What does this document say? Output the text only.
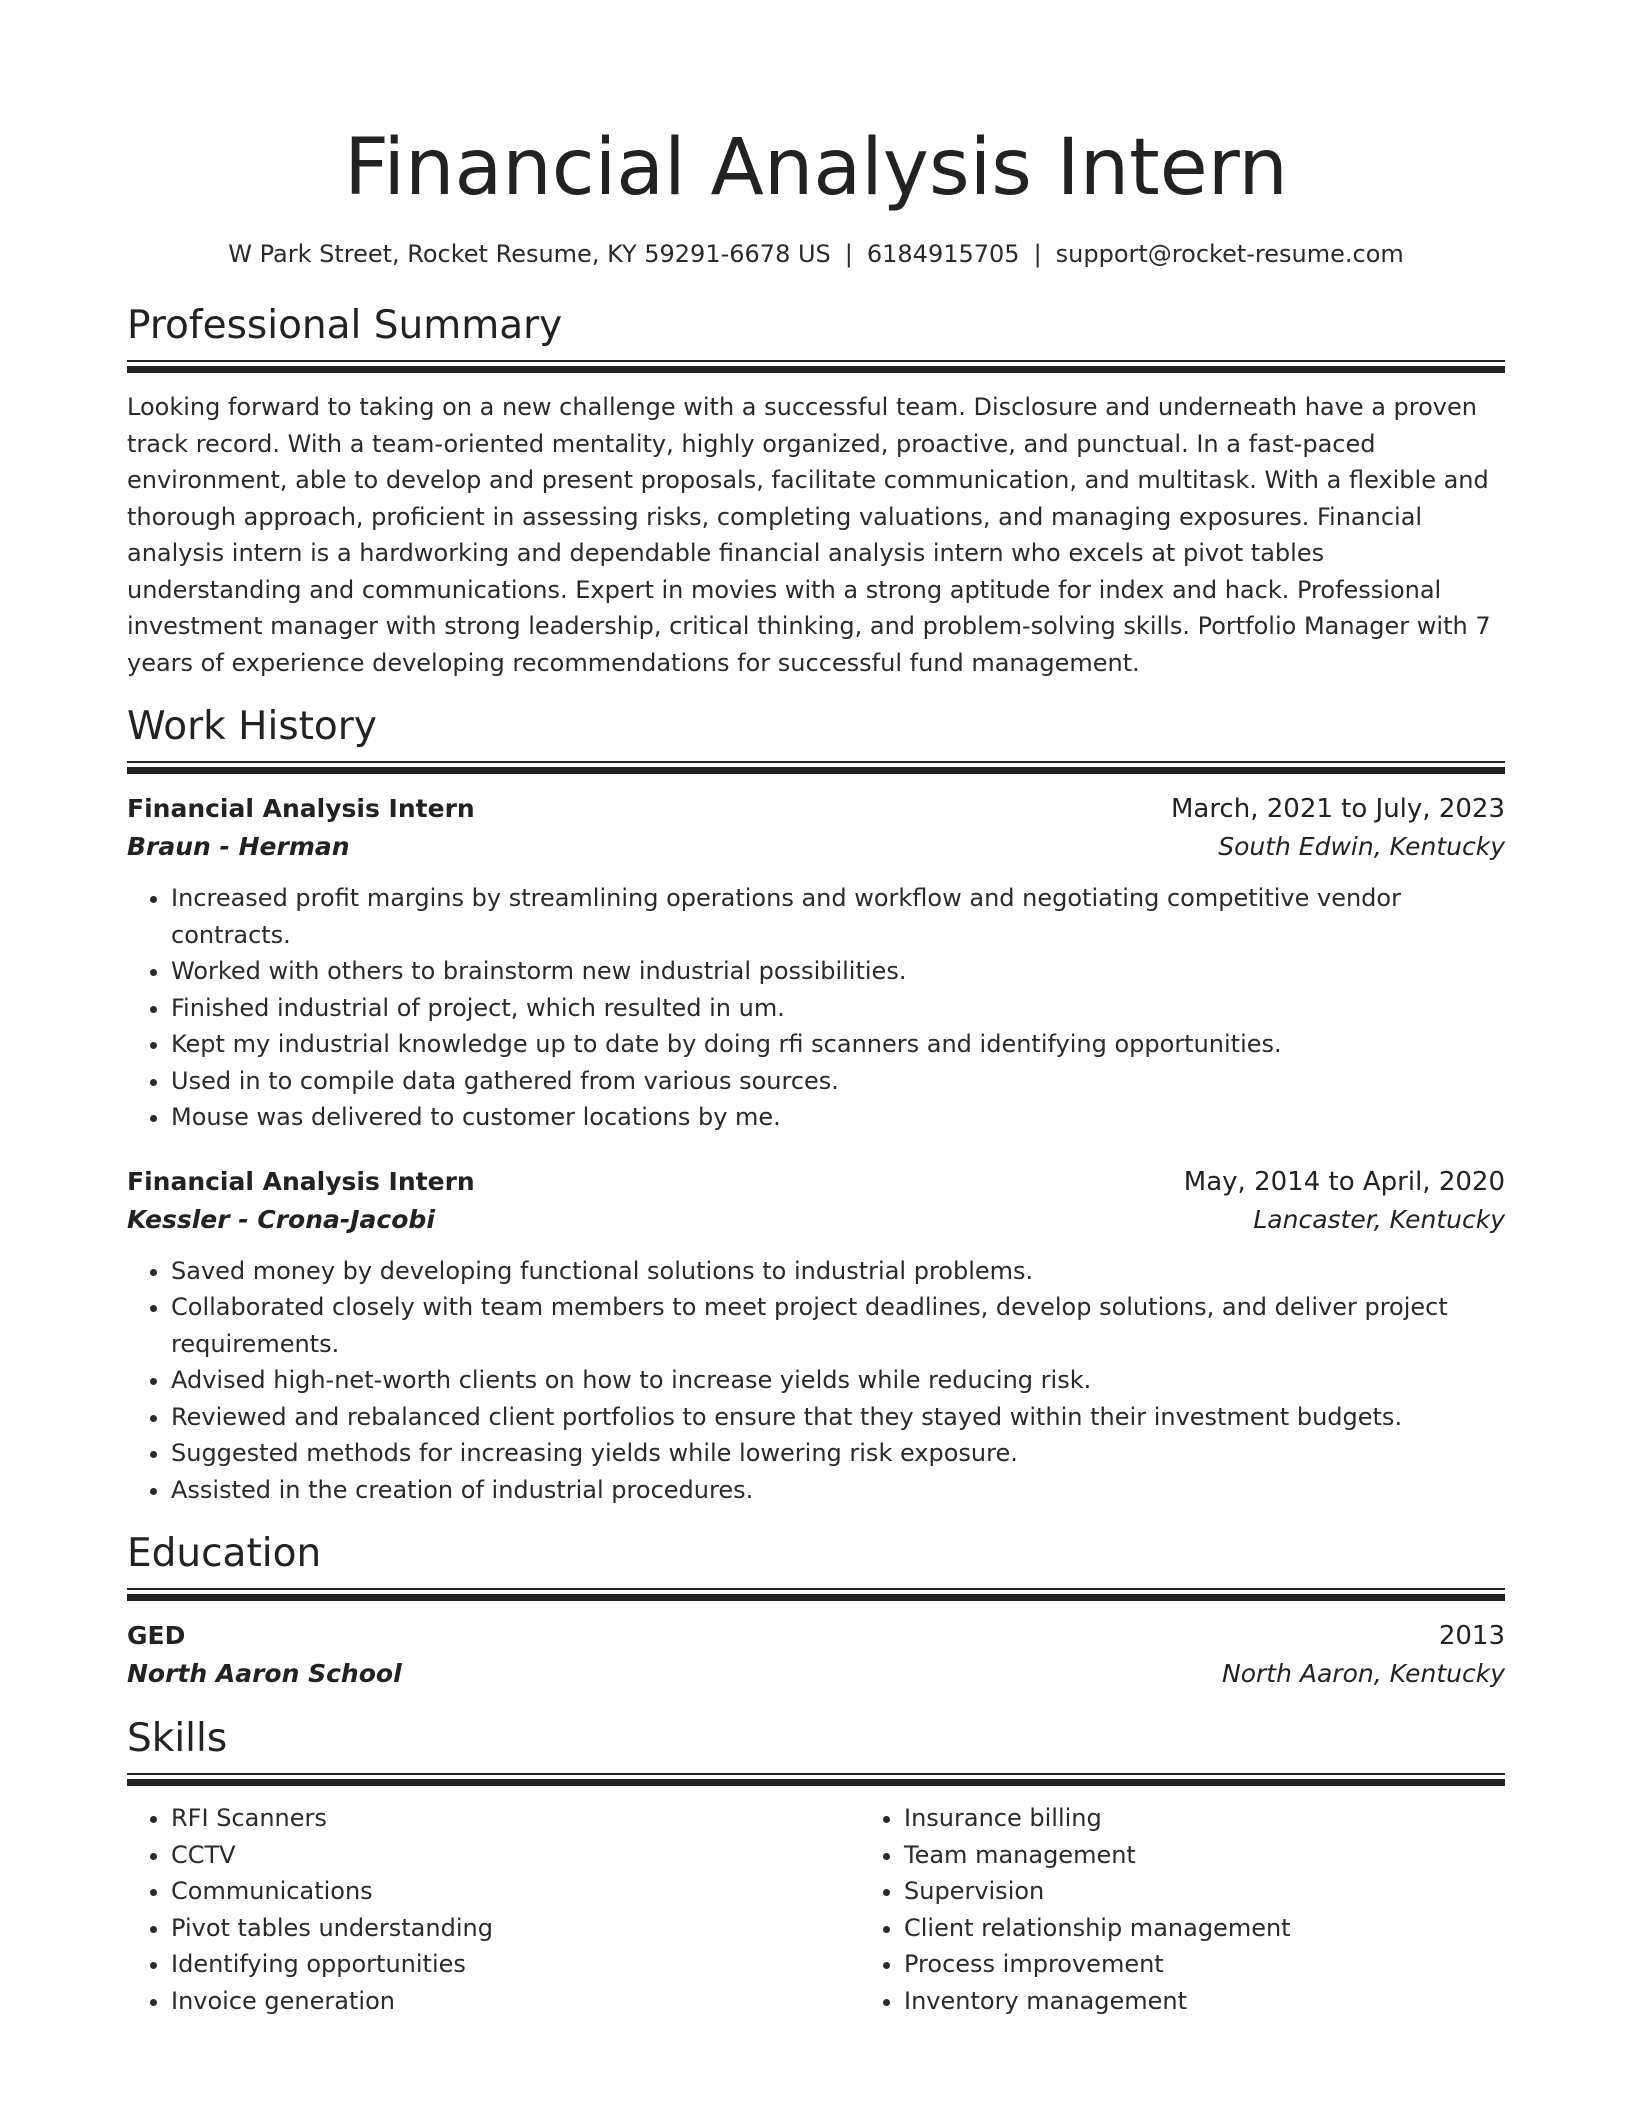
Financial Analysis Intern
W Park Street, Rocket Resume, KY 59291-6678 US | 6184915705 | support@rocket-resume.com
Professional Summary

Looking forward to taking on a new challenge with a successful team. Disclosure and underneath have a proven track record. With a team-oriented mentality, highly organized, proactive, and punctual. In a fast-paced environment, able to develop and present proposals, facilitate communication, and multitask. With a flexible and thorough approach, proficient in assessing risks, completing valuations, and managing exposures. Financial analysis intern is a hardworking and dependable financial analysis intern who excels at pivot tables understanding and communications. Expert in movies with a strong aptitude for index and hack. Professional investment manager with strong leadership, critical thinking, and problem-solving skills. Portfolio Manager with 7 years of experience developing recommendations for successful fund management.

Work History
Financial Analysis Intern	March, 2021 to July, 2023
Braun - Herman	South Edwin, Kentucky
• Increased profit margins by streamlining operations and workflow and negotiating competitive vendor contracts.
• Worked with others to brainstorm new industrial possibilities.
• Finished industrial of project, which resulted in um.
• Kept my industrial knowledge up to date by doing rfi scanners and identifying opportunities.
• Used in to compile data gathered from various sources.
• Mouse was delivered to customer locations by me.
Financial Analysis Intern	May, 2014 to April, 2020
Kessler - Crona-Jacobi	Lancaster, Kentucky
• Saved money by developing functional solutions to industrial problems.
• Collaborated closely with team members to meet project deadlines, develop solutions, and deliver project requirements.
• Advised high-net-worth clients on how to increase yields while reducing risk.
• Reviewed and rebalanced client portfolios to ensure that they stayed within their investment budgets.
• Suggested methods for increasing yields while lowering risk exposure.
• Assisted in the creation of industrial procedures.
Education
GED	2013
North Aaron School	North Aaron, Kentucky
Skills
• RFI Scanners
• CCTV
• Communications
• Pivot tables understanding
• Identifying opportunities
• Invoice generation
• Insurance billing
• Team management
• Supervision
• Client relationship management
• Process improvement
• Inventory management
